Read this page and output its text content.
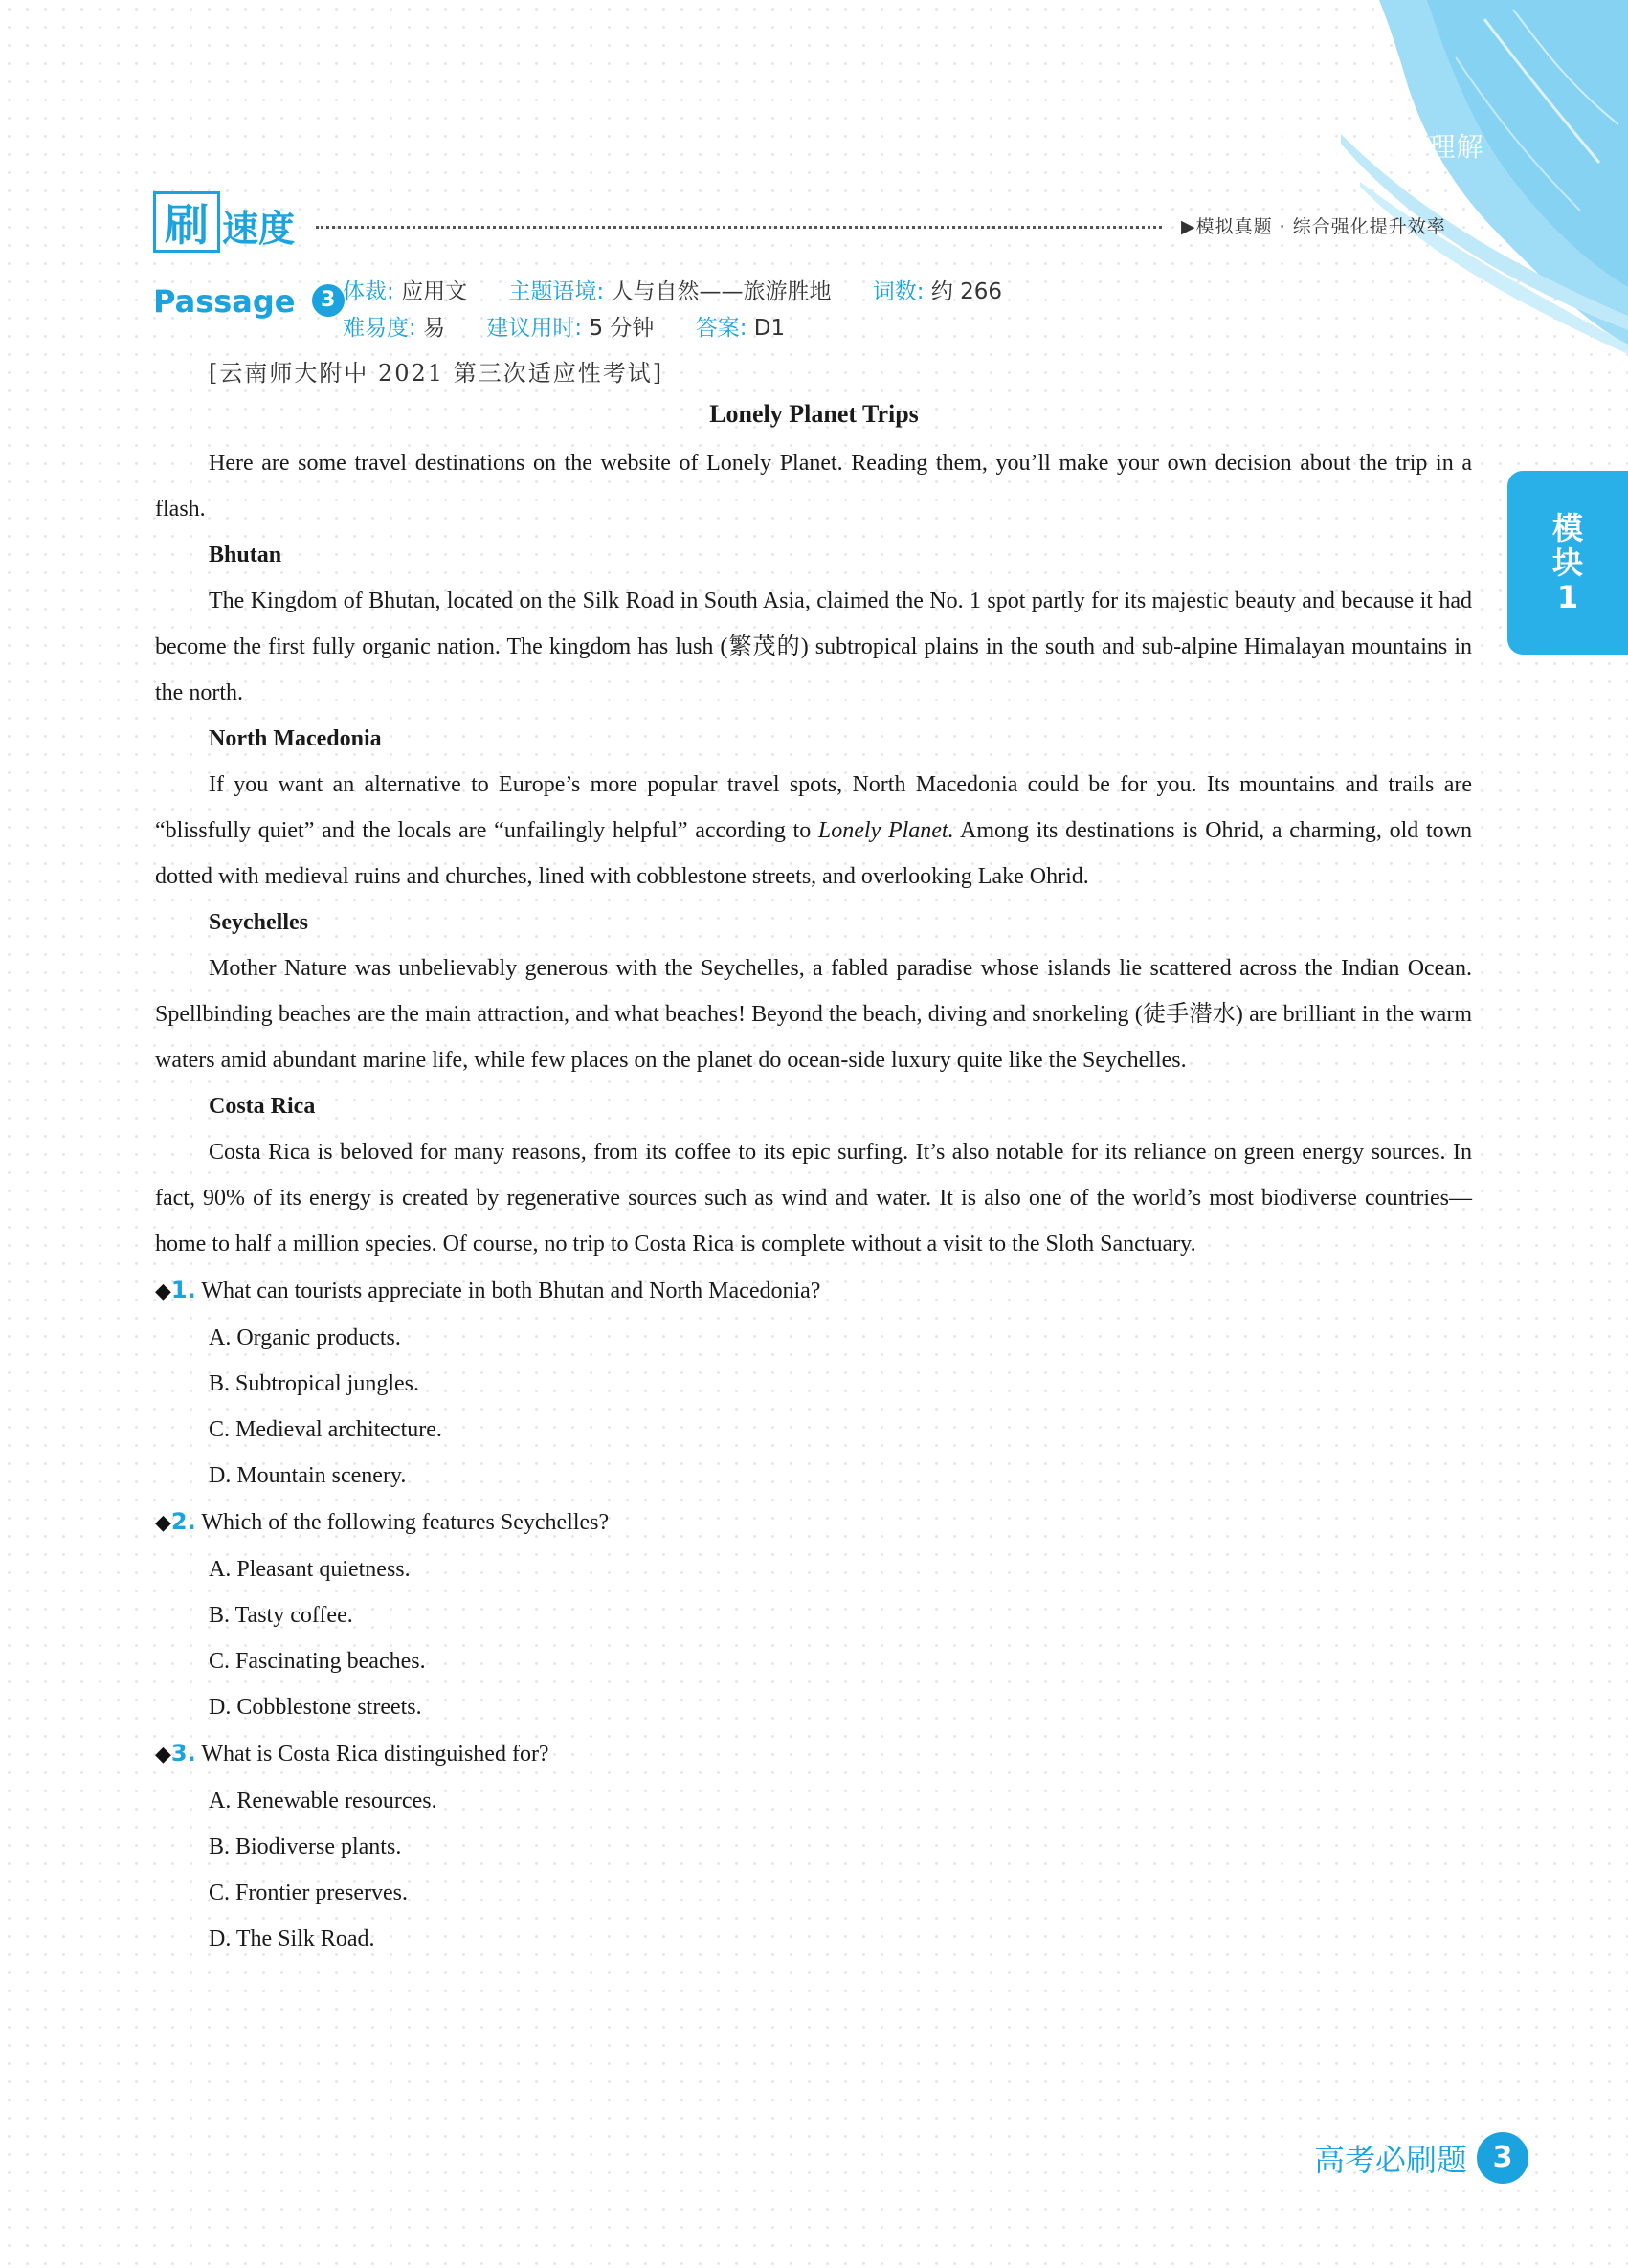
模块 1 阅读理解
刷 速度	▶模拟真题 · 综合强化提升效率
Passage 3 体裁: 应用文 主题语境: 人与自然——旅游胜地 词数: 约 266
难易度: 易 建议用时: 5 分钟 答案: D1
[云南师大附中 2021 第三次适应性考试]
Lonely Planet Trips

Here are some travel destinations on the website of Lonely Planet. Reading them, you’ll make your own decision about the trip in a flash.

Bhutan

The Kingdom of Bhutan, located on the Silk Road in South Asia, claimed the No. 1 spot partly for its majestic beauty and because it had become the first fully organic nation. The kingdom has lush (繁茂的) subtropical plains in the south and sub-alpine Himalayan mountains in the north.

North Macedonia

If you want an alternative to Europe’s more popular travel spots, North Macedonia could be for you. Its mountains and trails are “blissfully quiet” and the locals are “unfailingly helpful” according to Lonely Planet. Among its destinations is Ohrid, a charming, old town dotted with medieval ruins and churches, lined with cobblestone streets, and overlooking Lake Ohrid.

Seychelles

Mother Nature was unbelievably generous with the Seychelles, a fabled paradise whose islands lie scattered across the Indian Ocean. Spellbinding beaches are the main attraction, and what beaches! Beyond the beach, diving and snorkeling (徒手潜水) are brilliant in the warm waters amid abundant marine life, while few places on the planet do ocean-side luxury quite like the Seychelles.

Costa Rica

Costa Rica is beloved for many reasons, from its coffee to its epic surfing. It’s also notable for its reliance on green energy sources. In fact, 90% of its energy is created by regenerative sources such as wind and water. It is also one of the world’s most biodiverse countries—home to half a million species. Of course, no trip to Costa Rica is complete without a visit to the Sloth Sanctuary.

◆1. What can tourists appreciate in both Bhutan and North Macedonia?

A. Organic products.

B. Subtropical jungles.

C. Medieval architecture.

D. Mountain scenery.

◆2. Which of the following features Seychelles?

A. Pleasant quietness.

B. Tasty coffee.

C. Fascinating beaches.

D. Cobblestone streets.

◆3. What is Costa Rica distinguished for?

A. Renewable resources.

B. Biodiverse plants.

C. Frontier preserves.

D. The Silk Road.

模
块
1
高考必刷题 3
